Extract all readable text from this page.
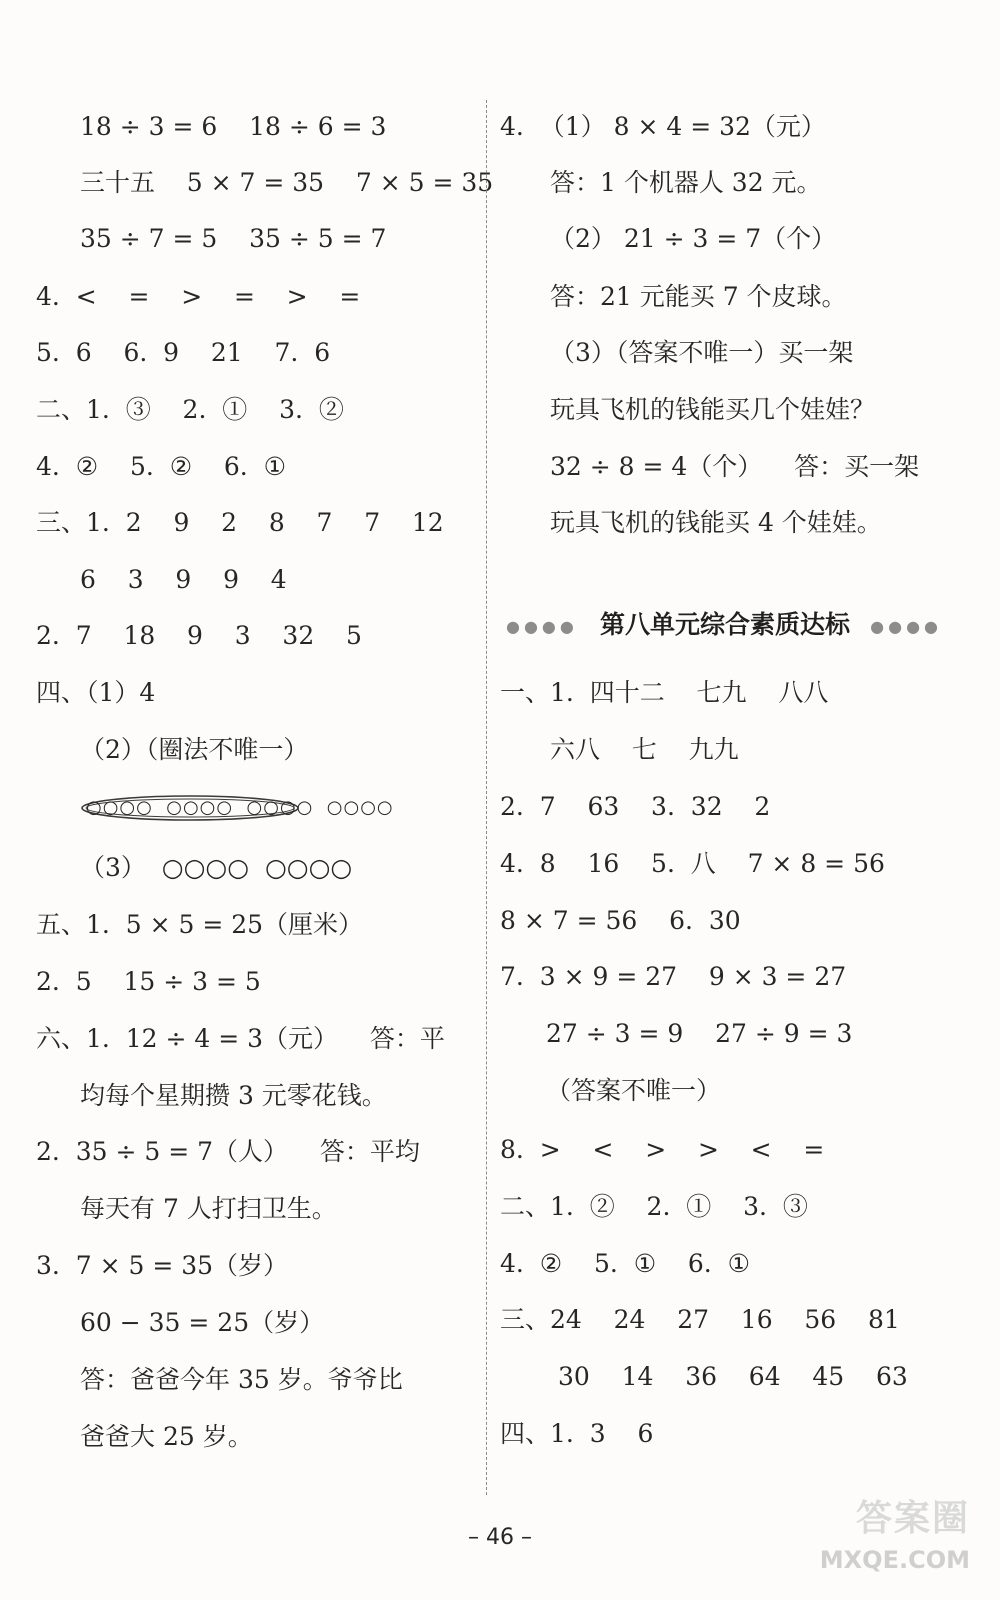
18 ÷ 3 = 6    18 ÷ 6 = 3
三十五    5 × 7 = 35    7 × 5 = 35
35 ÷ 7 = 5    35 ÷ 5 = 7
4.  <    =    >    =    >    =
5.  6    6.  9    21    7.  6
二、1.  ③    2.  ①    3.  ②
4.  ②    5.  ②    6.  ①
三、1.  2    9    2    8    7    7    12
6    3    9    9    4
2.  7    18    9    3    32    5
四、（1）4
（2）（圈法不唯一）
○○○○  ○○○○  ○○○○  ○○○○
（3）  ○○○○  ○○○○
五、1.  5 × 5 = 25（厘米）
2.  5    15 ÷ 3 = 5
六、1.  12 ÷ 4 = 3（元）    答：平
均每个星期攒 3 元零花钱。
2.  35 ÷ 5 = 7（人）    答：平均
每天有 7 人打扫卫生。
3.  7 × 5 = 35（岁）
60 − 35 = 25（岁）
答：爸爸今年 35 岁。爷爷比
爸爸大 25 岁。
4.  （1） 8 × 4 = 32（元）
答：1 个机器人 32 元。
（2） 21 ÷ 3 = 7（个）
答：21 元能买 7 个皮球。
（3）（答案不唯一）买一架
玩具飞机的钱能买几个娃娃？
32 ÷ 8 = 4（个）    答：买一架
玩具飞机的钱能买 4 个娃娃。
一、1.  四十二    七九    八八
六八    七    九九
2.  7    63    3.  32    2
4.  8    16    5.  八    7 × 8 = 56
8 × 7 = 56    6.  30
7.  3 × 9 = 27    9 × 3 = 27
27 ÷ 3 = 9    27 ÷ 9 = 3
（答案不唯一）
8.  >    <    >    >    <    =
二、1.  ②    2.  ①    3.  ③
4.  ②    5.  ①    6.  ①
三、24    24    27    16    56    81
30    14    36    64    45    63
四、1.  3    6
●●●● 第八单元综合素质达标	●●●●
– 46 –	答案圈
MXQE.COM
